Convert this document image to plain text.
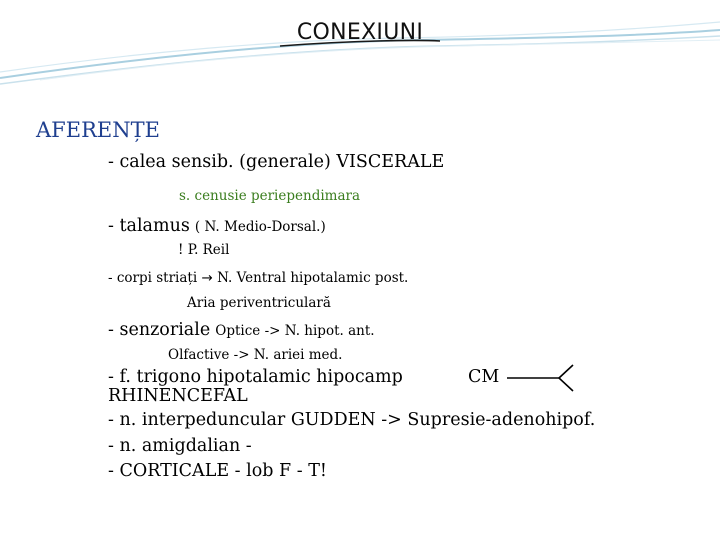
CONEXIUNI
AFERENȚE
- calea sensib. (generale) VISCERALE
s. cenusie periependimara
- talamus ( N. Medio-Dorsal.)
! P. Reil
- corpi striați → N. Ventral hipotalamic post.
Aria periventriculară
- senzoriale Optice -> N. hipot. ant.
Olfactive -> N. ariei med.
- f. trigono hipotalamic hipocamp	CM
RHINENCEFAL
- n. interpeduncular GUDDEN -> Supresie-adenohipof.
- n. amigdalian -
- CORTICALE - lob F - T!
